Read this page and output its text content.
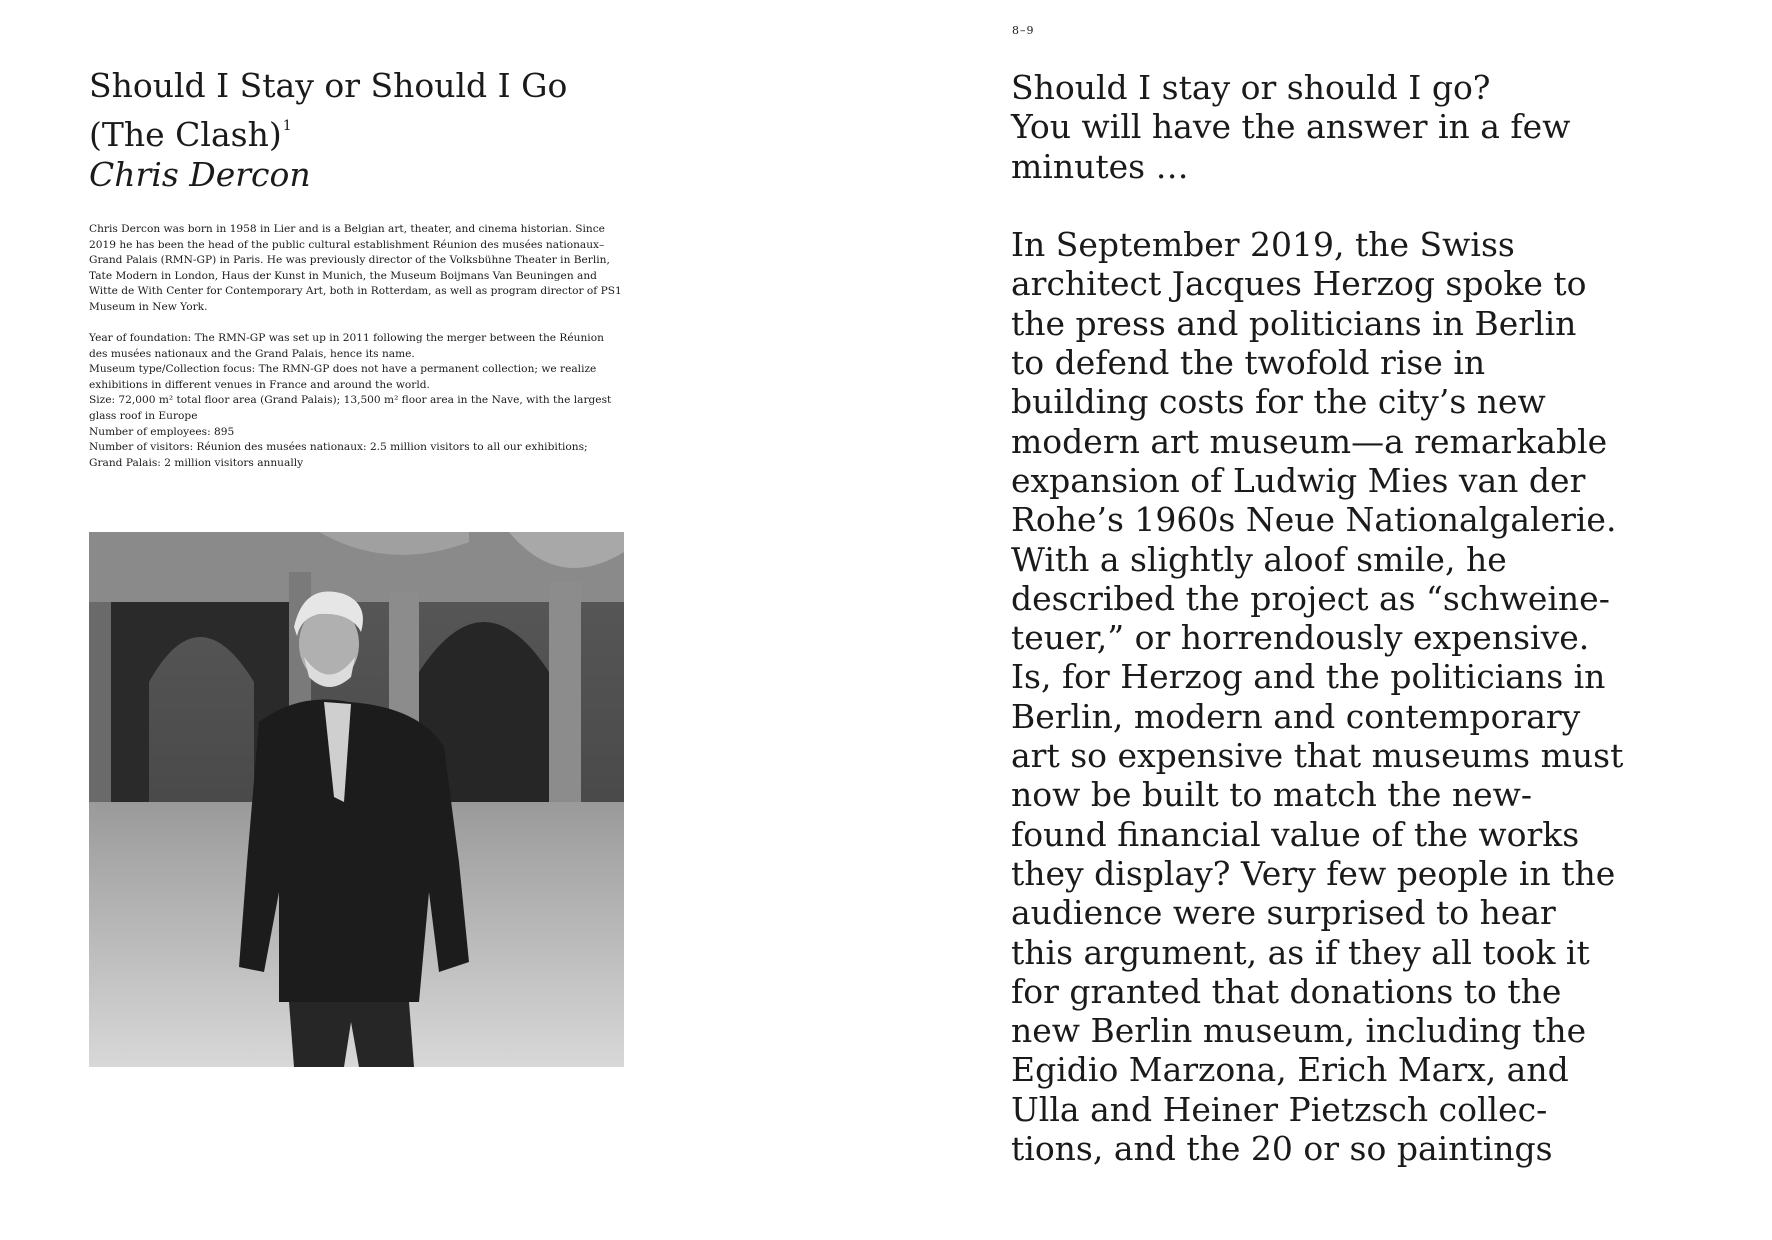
Should I Stay or Should I Go
(The Clash)$^1$
Chris Dercon

Chris Dercon was born in 1958 in Lier and is a Belgian art, theater, and cinema historian. Since 2019 he has been the head of the public cultural establishment Réunion des musées nationaux–Grand Palais (RMN-GP) in Paris. He was previously director of the Volksbühne Theater in Berlin, Tate Modern in London, Haus der Kunst in Munich, the Museum Boijmans Van Beuningen and Witte de With Center for Contemporary Art, both in Rotterdam, as well as program director of PS1 Museum in New York.

Year of foundation: The RMN-GP was set up in 2011 following the merger between the Réunion des musées nationaux and the Grand Palais, hence its name.
Museum type/Collection focus: The RMN-GP does not have a permanent collection; we realize exhibitions in different venues in France and around the world.
Size: 72,000 m² total floor area (Grand Palais); 13,500 m² floor area in the Nave, with the largest glass roof in Europe
Number of employees: 895
Number of visitors: Réunion des musées nationaux: 2.5 million visitors to all our exhibitions; Grand Palais: 2 million visitors annually
8–9
Should I stay or should I go?
You will have the answer in a few
minutes …
In September 2019, the Swiss
architect Jacques Herzog spoke to
the press and politicians in Berlin
to defend the twofold rise in
building costs for the city’s new
modern art museum—a remarkable
expansion of Ludwig Mies van der
Rohe’s 1960s Neue Nationalgalerie.
With a slightly aloof smile, he
described the project as “schweine-
teuer,” or horrendously expensive.
Is, for Herzog and the politicians in
Berlin, modern and contemporary
art so expensive that museums must
now be built to match the new-
found financial value of the works
they display? Very few people in the
audience were surprised to hear
this argument, as if they all took it
for granted that donations to the
new Berlin museum, including the
Egidio Marzona, Erich Marx, and
Ulla and Heiner Pietzsch collec-
tions, and the 20 or so paintings
